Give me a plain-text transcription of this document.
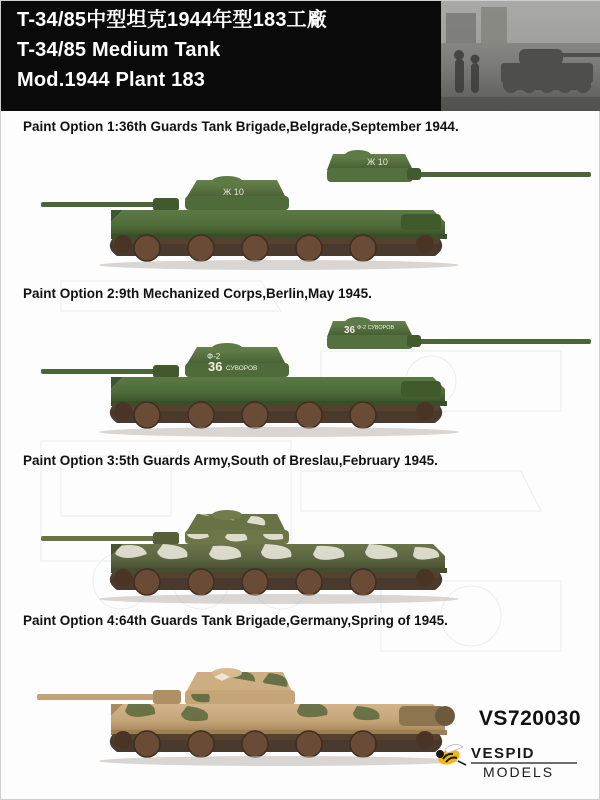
T-34/85中型坦克1944年型183工廠
T-34/85 Medium Tank
Mod.1944 Plant 183
Paint Option 1:36th Guards Tank Brigade,Belgrade,September 1944.
Ж 10
Ж 10
Paint Option 2:9th Mechanized Corps,Berlin,May 1945.
36 Ф-2 СУВОРОВ
Ф-2
36 СУВОРОВ
Paint Option 3:5th Guards Army,South of Breslau,February 1945.
Paint Option 4:64th Guards Tank Brigade,Germany,Spring of 1945.
VS720030
VESPID
MODELS
